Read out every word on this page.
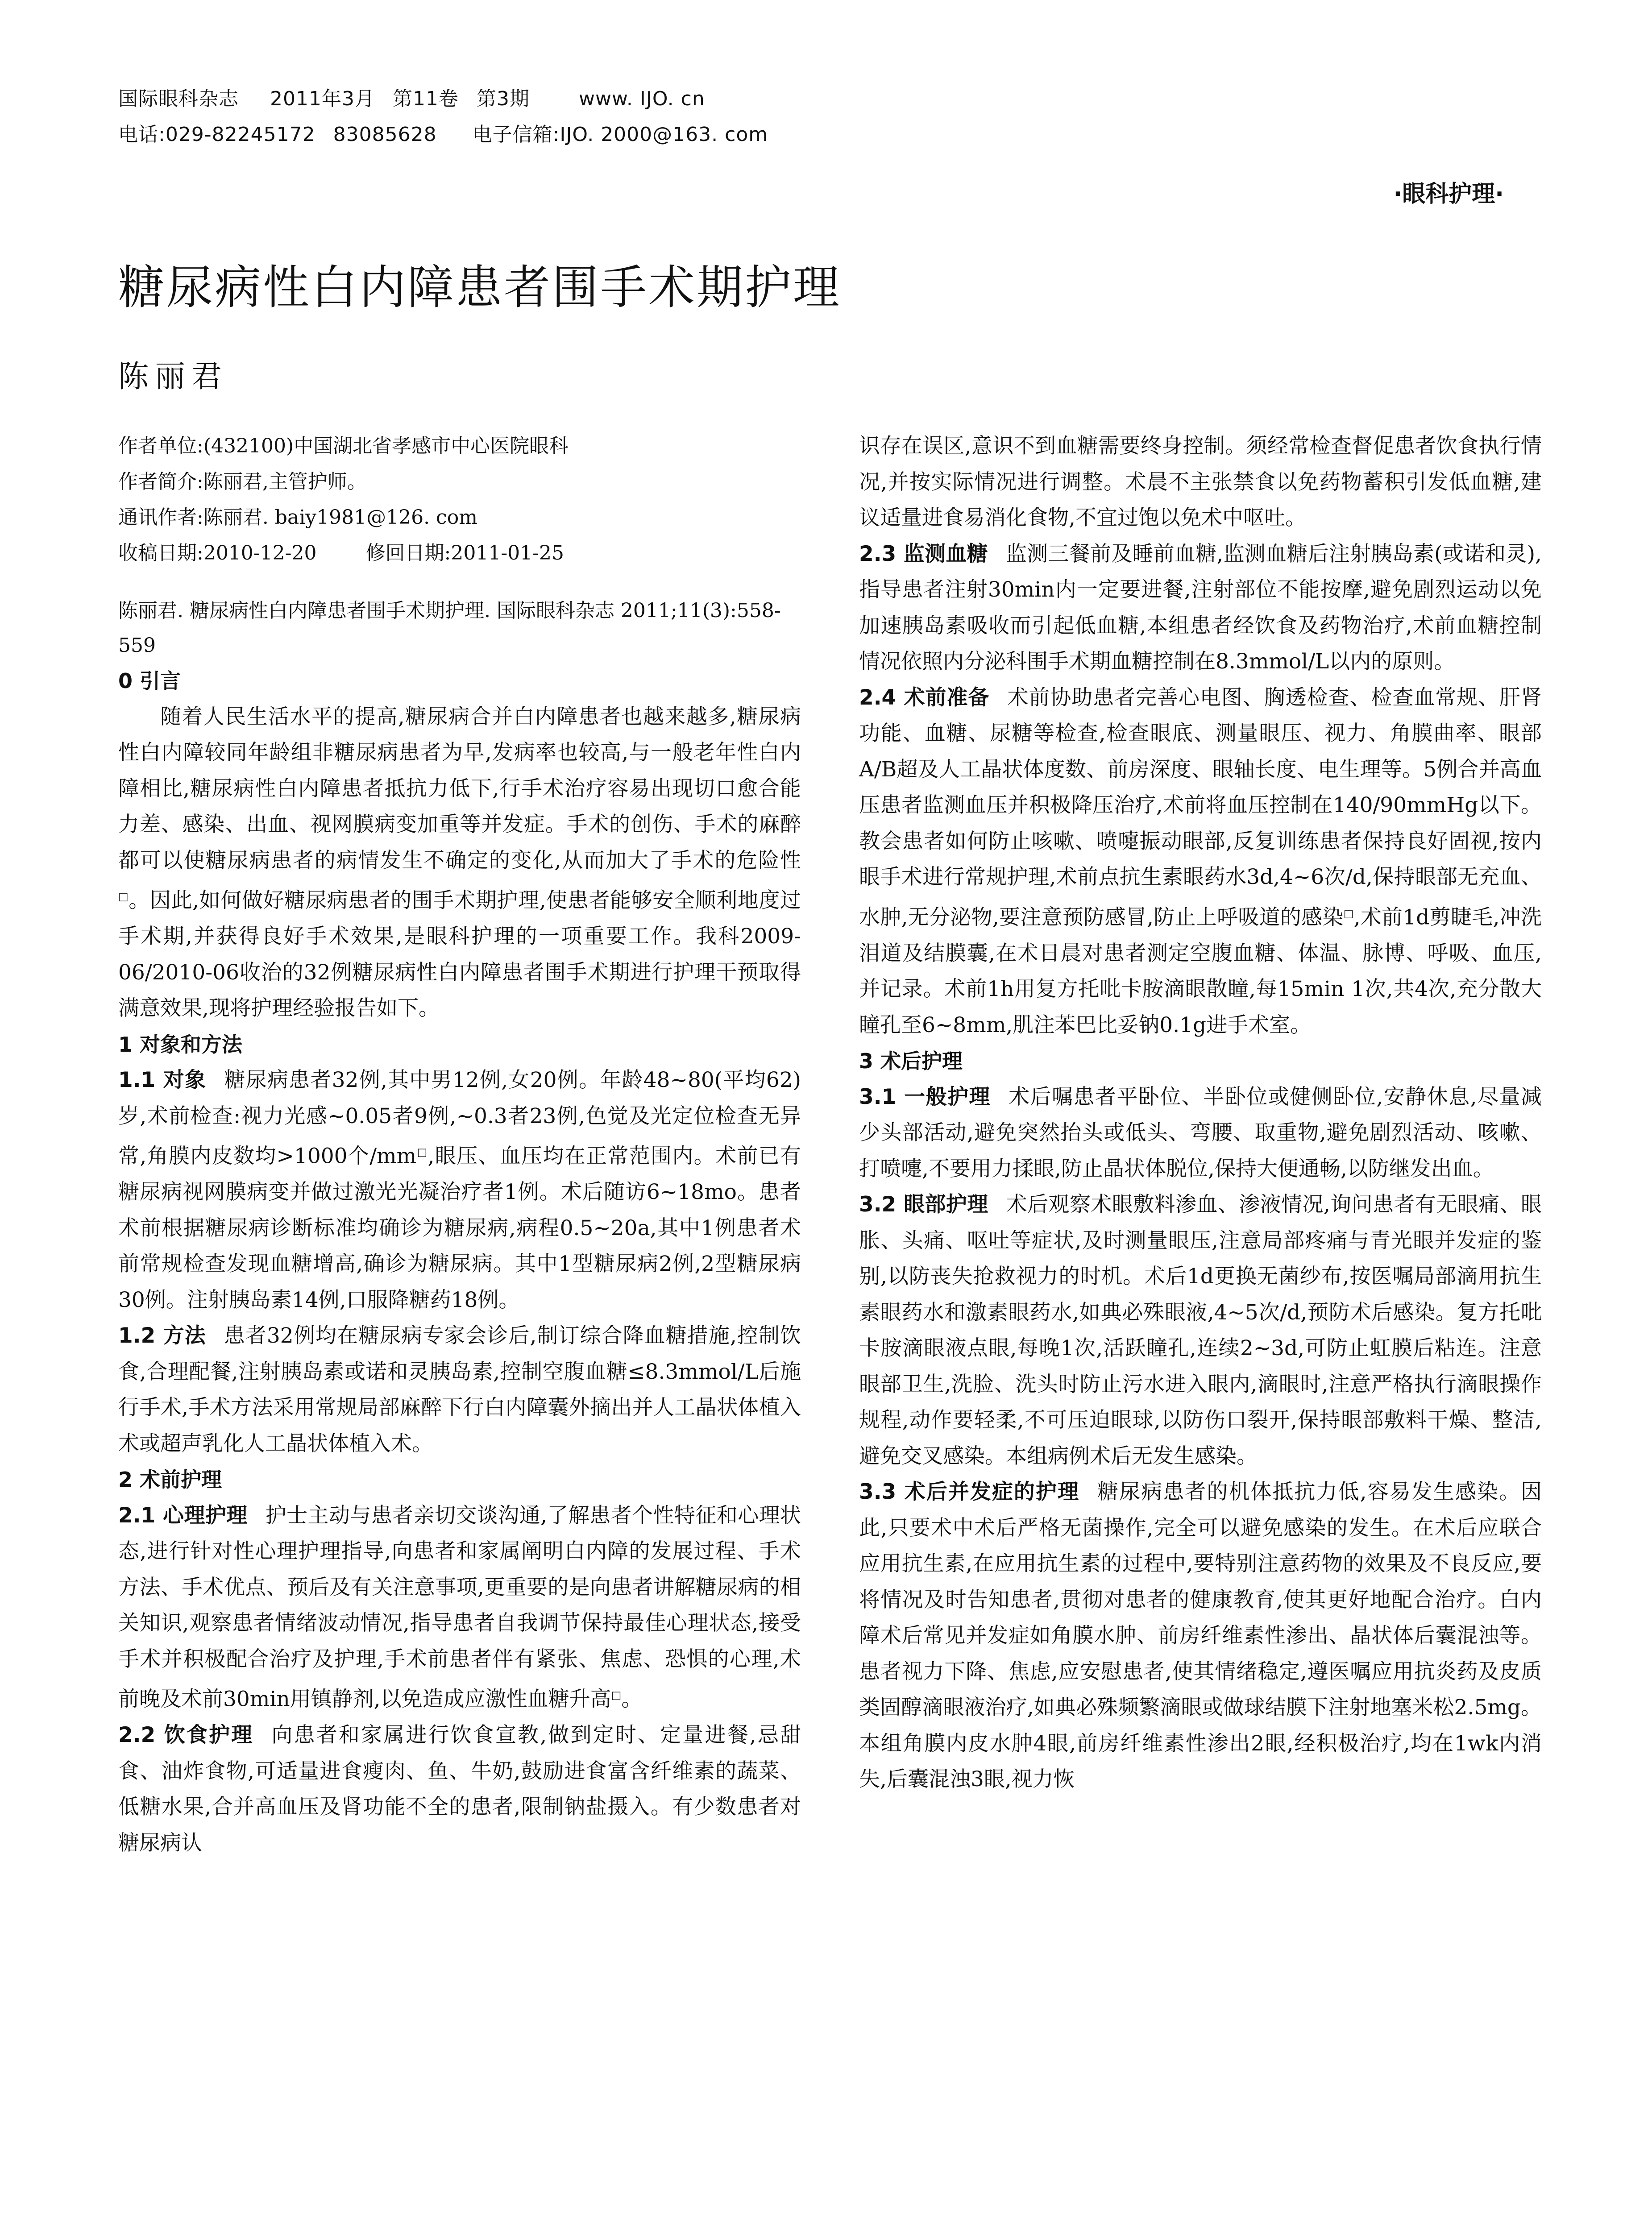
国际眼科杂志 2011年3月 第11卷 第3期	www. IJO. cn
电话:029-82245172 83085628 电子信箱:IJO. 2000@163. com
·眼科护理·
糖尿病性白内障患者围手术期护理
陈丽君
作者单位:(432100)中国湖北省孝感市中心医院眼科
作者简介:陈丽君,主管护师。
通讯作者:陈丽君. baiy1981@126. com
收稿日期:2010-12-20	修回日期:2011-01-25
陈丽君. 糖尿病性白内障患者围手术期护理. 国际眼科杂志 2011;11(3):558-559
0 引言

随着人民生活水平的提高,糖尿病合并白内障患者也越来越多,糖尿病性白内障较同年龄组非糖尿病患者为早,发病率也较高,与一般老年性白内障相比,糖尿病性白内障患者抵抗力低下,行手术治疗容易出现切口愈合能力差、感染、出血、视网膜病变加重等并发症。手术的创伤、手术的麻醉都可以使糖尿病患者的病情发生不确定的变化,从而加大了手术的危险性□。因此,如何做好糖尿病患者的围手术期护理,使患者能够安全顺利地度过手术期,并获得良好手术效果,是眼科护理的一项重要工作。我科2009-06/2010-06收治的32例糖尿病性白内障患者围手术期进行护理干预取得满意效果,现将护理经验报告如下。

1 对象和方法

1.1 对象 糖尿病患者32例,其中男12例,女20例。年龄48~80(平均62)岁,术前检查:视力光感~0.05者9例,~0.3者23例,色觉及光定位检查无异常,角膜内皮数均>1000个/mm□,眼压、血压均在正常范围内。术前已有糖尿病视网膜病变并做过激光光凝治疗者1例。术后随访6~18mo。患者术前根据糖尿病诊断标准均确诊为糖尿病,病程0.5~20a,其中1例患者术前常规检查发现血糖增高,确诊为糖尿病。其中1型糖尿病2例,2型糖尿病30例。注射胰岛素14例,口服降糖药18例。

1.2 方法 患者32例均在糖尿病专家会诊后,制订综合降血糖措施,控制饮食,合理配餐,注射胰岛素或诺和灵胰岛素,控制空腹血糖≤8.3mmol/L后施行手术,手术方法采用常规局部麻醉下行白内障囊外摘出并人工晶状体植入术或超声乳化人工晶状体植入术。

2 术前护理

2.1 心理护理 护士主动与患者亲切交谈沟通,了解患者个性特征和心理状态,进行针对性心理护理指导,向患者和家属阐明白内障的发展过程、手术方法、手术优点、预后及有关注意事项,更重要的是向患者讲解糖尿病的相关知识,观察患者情绪波动情况,指导患者自我调节保持最佳心理状态,接受手术并积极配合治疗及护理,手术前患者伴有紧张、焦虑、恐惧的心理,术前晚及术前30min用镇静剂,以免造成应激性血糖升高□。

2.2 饮食护理 向患者和家属进行饮食宣教,做到定时、定量进餐,忌甜食、油炸食物,可适量进食瘦肉、鱼、牛奶,鼓励进食富含纤维素的蔬菜、低糖水果,合并高血压及肾功能不全的患者,限制钠盐摄入。有少数患者对糖尿病认

识存在误区,意识不到血糖需要终身控制。须经常检查督促患者饮食执行情况,并按实际情况进行调整。术晨不主张禁食以免药物蓄积引发低血糖,建议适量进食易消化食物,不宜过饱以免术中呕吐。

2.3 监测血糖 监测三餐前及睡前血糖,监测血糖后注射胰岛素(或诺和灵),指导患者注射30min内一定要进餐,注射部位不能按摩,避免剧烈运动以免加速胰岛素吸收而引起低血糖,本组患者经饮食及药物治疗,术前血糖控制情况依照内分泌科围手术期血糖控制在8.3mmol/L以内的原则。

2.4 术前准备 术前协助患者完善心电图、胸透检查、检查血常规、肝肾功能、血糖、尿糖等检查,检查眼底、测量眼压、视力、角膜曲率、眼部A/B超及人工晶状体度数、前房深度、眼轴长度、电生理等。5例合并高血压患者监测血压并积极降压治疗,术前将血压控制在140/90mmHg以下。教会患者如何防止咳嗽、喷嚏振动眼部,反复训练患者保持良好固视,按内眼手术进行常规护理,术前点抗生素眼药水3d,4~6次/d,保持眼部无充血、水肿,无分泌物,要注意预防感冒,防止上呼吸道的感染□,术前1d剪睫毛,冲洗泪道及结膜囊,在术日晨对患者测定空腹血糖、体温、脉博、呼吸、血压,并记录。术前1h用复方托吡卡胺滴眼散瞳,每15min 1次,共4次,充分散大瞳孔至6~8mm,肌注苯巴比妥钠0.1g进手术室。

3 术后护理

3.1 一般护理 术后嘱患者平卧位、半卧位或健侧卧位,安静休息,尽量减少头部活动,避免突然抬头或低头、弯腰、取重物,避免剧烈活动、咳嗽、打喷嚏,不要用力揉眼,防止晶状体脱位,保持大便通畅,以防继发出血。

3.2 眼部护理 术后观察术眼敷料渗血、渗液情况,询问患者有无眼痛、眼胀、头痛、呕吐等症状,及时测量眼压,注意局部疼痛与青光眼并发症的鉴别,以防丧失抢救视力的时机。术后1d更换无菌纱布,按医嘱局部滴用抗生素眼药水和激素眼药水,如典必殊眼液,4~5次/d,预防术后感染。复方托吡卡胺滴眼液点眼,每晚1次,活跃瞳孔,连续2~3d,可防止虹膜后粘连。注意眼部卫生,洗脸、洗头时防止污水进入眼内,滴眼时,注意严格执行滴眼操作规程,动作要轻柔,不可压迫眼球,以防伤口裂开,保持眼部敷料干燥、整洁,避免交叉感染。本组病例术后无发生感染。

3.3 术后并发症的护理 糖尿病患者的机体抵抗力低,容易发生感染。因此,只要术中术后严格无菌操作,完全可以避免感染的发生。在术后应联合应用抗生素,在应用抗生素的过程中,要特别注意药物的效果及不良反应,要将情况及时告知患者,贯彻对患者的健康教育,使其更好地配合治疗。白内障术后常见并发症如角膜水肿、前房纤维素性渗出、晶状体后囊混浊等。患者视力下降、焦虑,应安慰患者,使其情绪稳定,遵医嘱应用抗炎药及皮质类固醇滴眼液治疗,如典必殊频繁滴眼或做球结膜下注射地塞米松2.5mg。本组角膜内皮水肿4眼,前房纤维素性渗出2眼,经积极治疗,均在1wk内消失,后囊混浊3眼,视力恢
